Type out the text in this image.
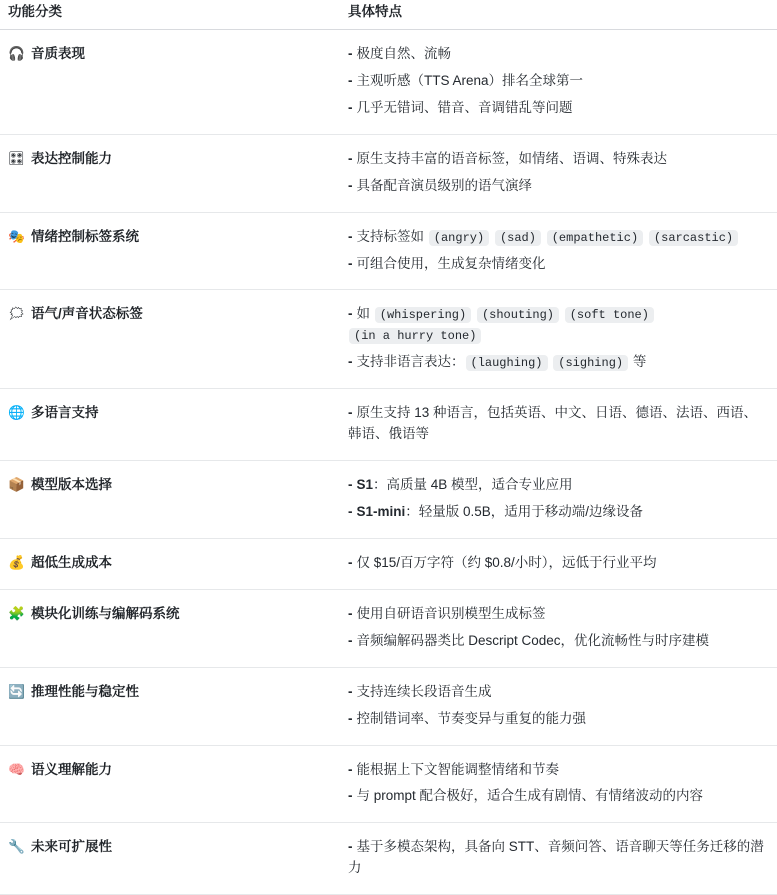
功能分类	具体特点
🎧 音质表现	- 极度自然、流畅
- 主观听感（TTS Arena）排名全球第一
- 几乎无错词、错音、音调错乱等问题

🎛 表达控制能力	- 原生支持丰富的语音标签，如情绪、语调、特殊表达
- 具备配音演员级别的语气演绎

🎭 情绪控制标签系统	- 支持标签如 (angry) (sad) (empathetic) (sarcastic)
- 可组合使用，生成复杂情绪变化

🗯 语气/声音状态标签	- 如 (whispering) (shouting) (soft tone) (in a hurry tone)
- 支持非语言表达： (laughing) (sighing) 等

🌐 多语言支持	- 原生支持 13 种语言，包括英语、中文、日语、德语、法语、西语、韩语、俄语等

📦 模型版本选择	- S1：高质量 4B 模型，适合专业应用
- S1-mini：轻量版 0.5B，适用于移动端/边缘设备

💰 超低生成成本	- 仅 $15/百万字符（约 $0.8/小时），远低于行业平均

🧩 模块化训练与编解码系统	- 使用自研语音识别模型生成标签
- 音频编解码器类比 Descript Codec，优化流畅性与时序建模

🔄 推理性能与稳定性	- 支持连续长段语音生成
- 控制错词率、节奏变异与重复的能力强

🧠 语义理解能力	- 能根据上下文智能调整情绪和节奏
- 与 prompt 配合极好，适合生成有剧情、有情绪波动的内容

🔧 未来可扩展性	- 基于多模态架构，具备向 STT、音频问答、语音聊天等任务迁移的潜力
